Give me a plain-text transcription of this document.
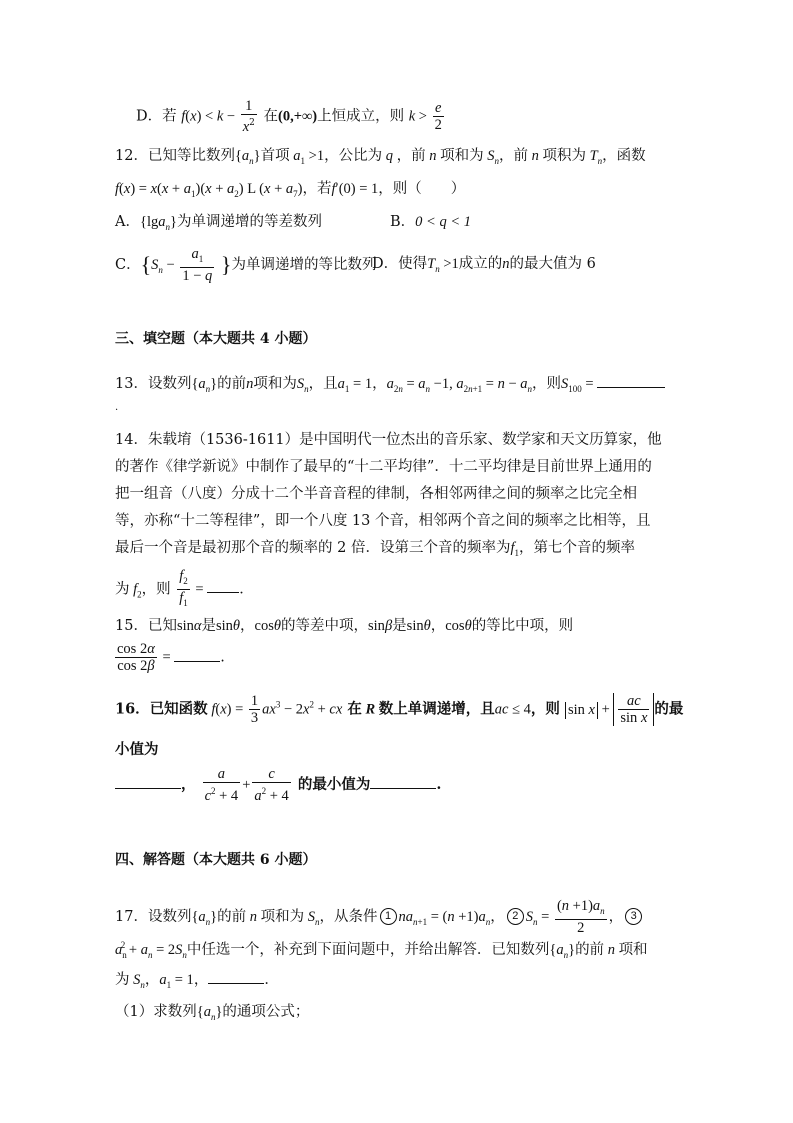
D．若 $f(x) < k - \frac{1}{x^2}$ 在(0,+∞)上恒成立，则 $k > \frac{e}{2}$
12．已知等比数列$\{a_n\}$首项 $a_1 >1$，公比为 q ，前 n 项和为 $S_n$，前 n 项积为 $T_n$，函数
$f(x) = x(x + a_1)(x + a_2)$ L $(x + a_7)$，若f′(0) = 1，则（　　）
A．{lga$_n$}为单调递增的等差数列	B．0 < q < 1
C．{$S_n - \frac{a_1}{1 - q}$ }为单调递增的等比数列
D．使得$T_n >1$成立的n的最大值为 6
三、填空题（本大题共 4 小题）
13．设数列$\{a_n\}$的前n项和为$S_n$，且$a_1 = 1$，$a_{2n} = a_n -1$, $a_{2n+1} = n - a_n$，则$S_{100}$ =
.
14．朱载堉（1536-1611）是中国明代一位杰出的音乐家、数学家和天文历算家，他
的著作《律学新说》中制作了最早的“十二平均律”．十二平均律是目前世界上通用的
把一组音（八度）分成十二个半音音程的律制，各相邻两律之间的频率之比完全相
等，亦称“十二等程律”，即一个八度 13 个音，相邻两个音之间的频率之比相等，且
最后一个音是最初那个音的频率的 2 倍．设第三个音的频率为$f_1$，第七个音的频率
为 $f_2$，则 $\frac{f_2}{f_1}$ = ．
15．已知sinα是sinθ，cosθ的等差中项，sinβ是sinθ，cosθ的等比中项，则
$\frac{\cos 2\alpha}{\cos 2\beta}$ =	.
16．已知函数 $f(x) = \frac{1}{3} ax^3 - 2x^2$ + cx 在 R 数上单调递增，且ac ≤ 4，则 $\sin x + \frac{ac}{\text{sin x}}$ 的最
小值为
， $\frac{a}{c^2 + 4} + \frac{c}{a^2 + 4}$ 的最小值为	.
四、解答题（本大题共 6 小题）
17．设数列$\{a_n\}$的前 n 项和为 $S_n$，从条件 1 $na_{n+1} = (n +1)a_n$， 2 $S_n = \frac{(n +1)a_n}{2}$ ， 3
$a_n^2 + a_n = 2S_n$中任选一个，补充到下面问题中，并给出解答．已知数列$\{a_n\}$的前 n 项和
为 $S_n$，$a_1 = 1$，	．
（1）求数列$\{a_n\}$的通项公式；
